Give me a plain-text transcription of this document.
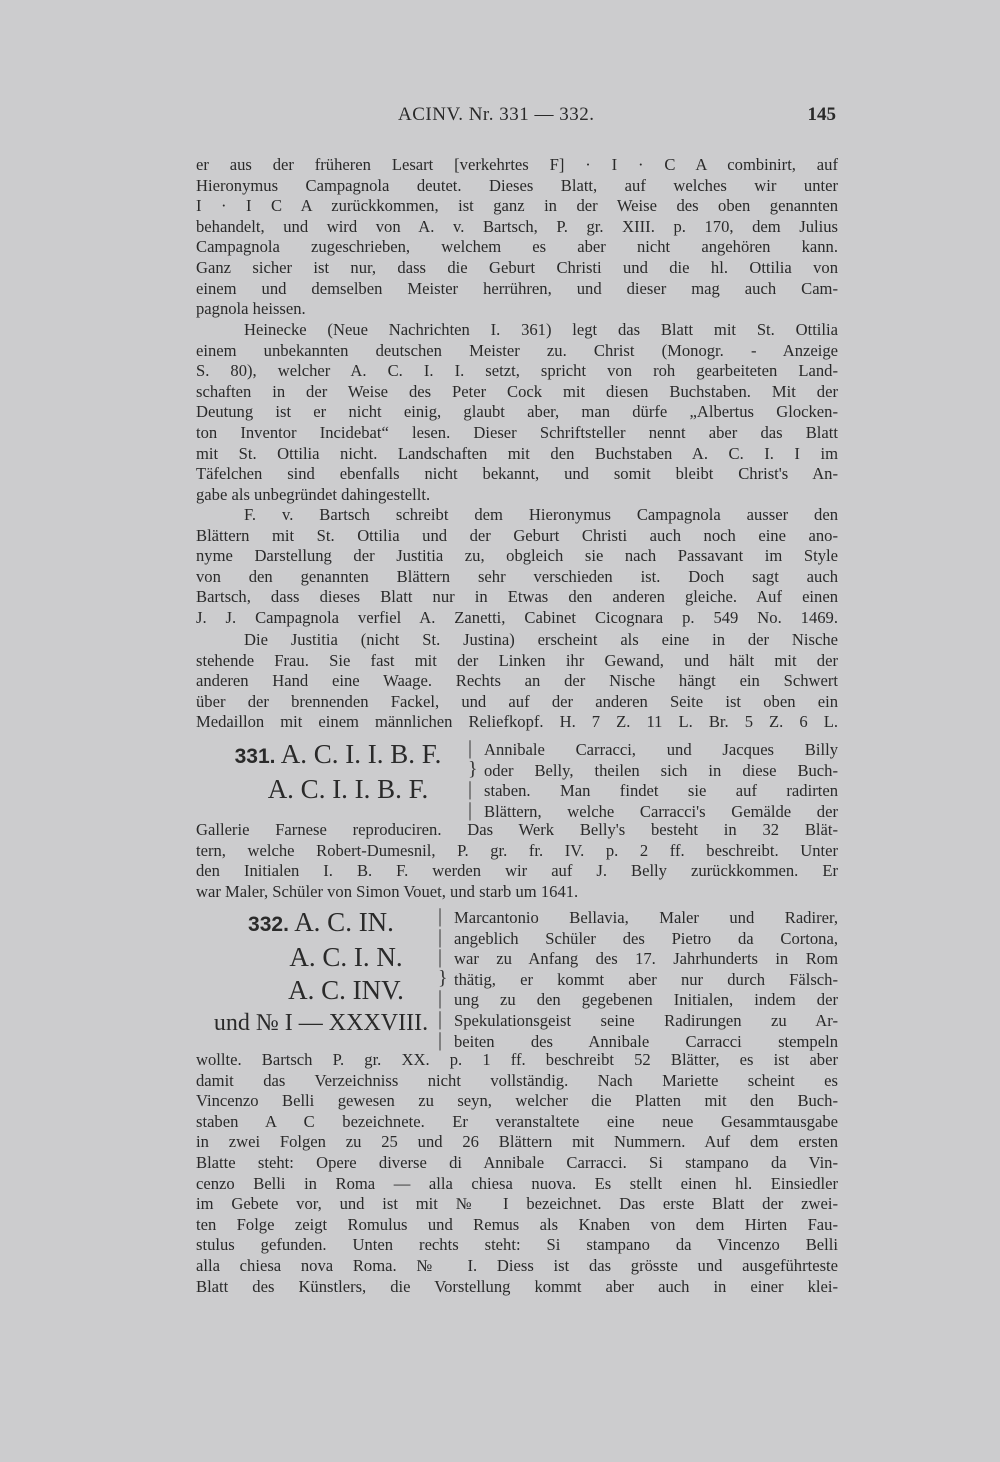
ACINV. Nr. 331 — 332.	145
er aus der früheren Lesart [verkehrtes F] · I · C A combinirt, auf
Hieronymus Campagnola deutet. Dieses Blatt, auf welches wir unter
I · I C A zurückkommen, ist ganz in der Weise des oben genannten
behandelt, und wird von A. v. Bartsch, P. gr. XIII. p. 170, dem Julius
Campagnola zugeschrieben, welchem es aber nicht angehören kann.
Ganz sicher ist nur, dass die Geburt Christi und die hl. Ottilia von
einem und demselben Meister herrühren, und dieser mag auch Cam-
pagnola heissen.
Heinecke (Neue Nachrichten I. 361) legt das Blatt mit St. Ottilia
einem unbekannten deutschen Meister zu. Christ (Monogr. - Anzeige
S. 80), welcher A. C. I. I. setzt, spricht von roh gearbeiteten Land-
schaften in der Weise des Peter Cock mit diesen Buchstaben. Mit der
Deutung ist er nicht einig, glaubt aber, man dürfe „Albertus Glocken-
ton Inventor Incidebat“ lesen. Dieser Schriftsteller nennt aber das Blatt
mit St. Ottilia nicht. Landschaften mit den Buchstaben A. C. I. I im
Täfelchen sind ebenfalls nicht bekannt, und somit bleibt Christ's An-
gabe als unbegründet dahingestellt.
F. v. Bartsch schreibt dem Hieronymus Campagnola ausser den
Blättern mit St. Ottilia und der Geburt Christi auch noch eine ano-
nyme Darstellung der Justitia zu, obgleich sie nach Passavant im Style
von den genannten Blättern sehr verschieden ist. Doch sagt auch
Bartsch, dass dieses Blatt nur in Etwas den anderen gleiche. Auf einen
J. J. Campagnola verfiel A. Zanetti, Cabinet Cicognara p. 549 No. 1469.
Die Justitia (nicht St. Justina) erscheint als eine in der Nische
stehende Frau. Sie fast mit der Linken ihr Gewand, und hält mit der
anderen Hand eine Waage. Rechts an der Nische hängt ein Schwert
über der brennenden Fackel, und auf der anderen Seite ist oben ein
Medaillon mit einem männlichen Reliefkopf. H. 7 Z. 11 L. Br. 5 Z. 6 L.
331. A. C. I. I. B. F.
A. C. I. I. B. F.
|
}
|
|
Annibale Carracci, und Jacques Billy
oder Belly, theilen sich in diese Buch-
staben. Man findet sie auf radirten
Blättern, welche Carracci's Gemälde der
Gallerie Farnese reproduciren. Das Werk Belly's besteht in 32 Blät-
tern, welche Robert-Dumesnil, P. gr. fr. IV. p. 2 ff. beschreibt. Unter
den Initialen I. B. F. werden wir auf J. Belly zurückkommen. Er
war Maler, Schüler von Simon Vouet, und starb um 1641.
332. A. C. IN.
A. C. I. N.
A. C. INV.
und № I — XXXVIII.
|
|
|
}
|
|
|
Marcantonio Bellavia, Maler und Radirer,
angeblich Schüler des Pietro da Cortona,
war zu Anfang des 17. Jahrhunderts in Rom
thätig, er kommt aber nur durch Fälsch-
ung zu den gegebenen Initialen, indem der
Spekulationsgeist seine Radirungen zu Ar-
beiten des Annibale Carracci stempeln
wollte. Bartsch P. gr. XX. p. 1 ff. beschreibt 52 Blätter, es ist aber
damit das Verzeichniss nicht vollständig. Nach Mariette scheint es
Vincenzo Belli gewesen zu seyn, welcher die Platten mit den Buch-
staben A C bezeichnete. Er veranstaltete eine neue Gesammtausgabe
in zwei Folgen zu 25 und 26 Blättern mit Nummern. Auf dem ersten
Blatte steht: Opere diverse di Annibale Carracci. Si stampano da Vin-
cenzo Belli in Roma — alla chiesa nuova. Es stellt einen hl. Einsiedler
im Gebete vor, und ist mit № I bezeichnet. Das erste Blatt der zwei-
ten Folge zeigt Romulus und Remus als Knaben von dem Hirten Fau-
stulus gefunden. Unten rechts steht: Si stampano da Vincenzo Belli
alla chiesa nova Roma. № I. Diess ist das grösste und ausgeführteste
Blatt des Künstlers, die Vorstellung kommt aber auch in einer klei-
